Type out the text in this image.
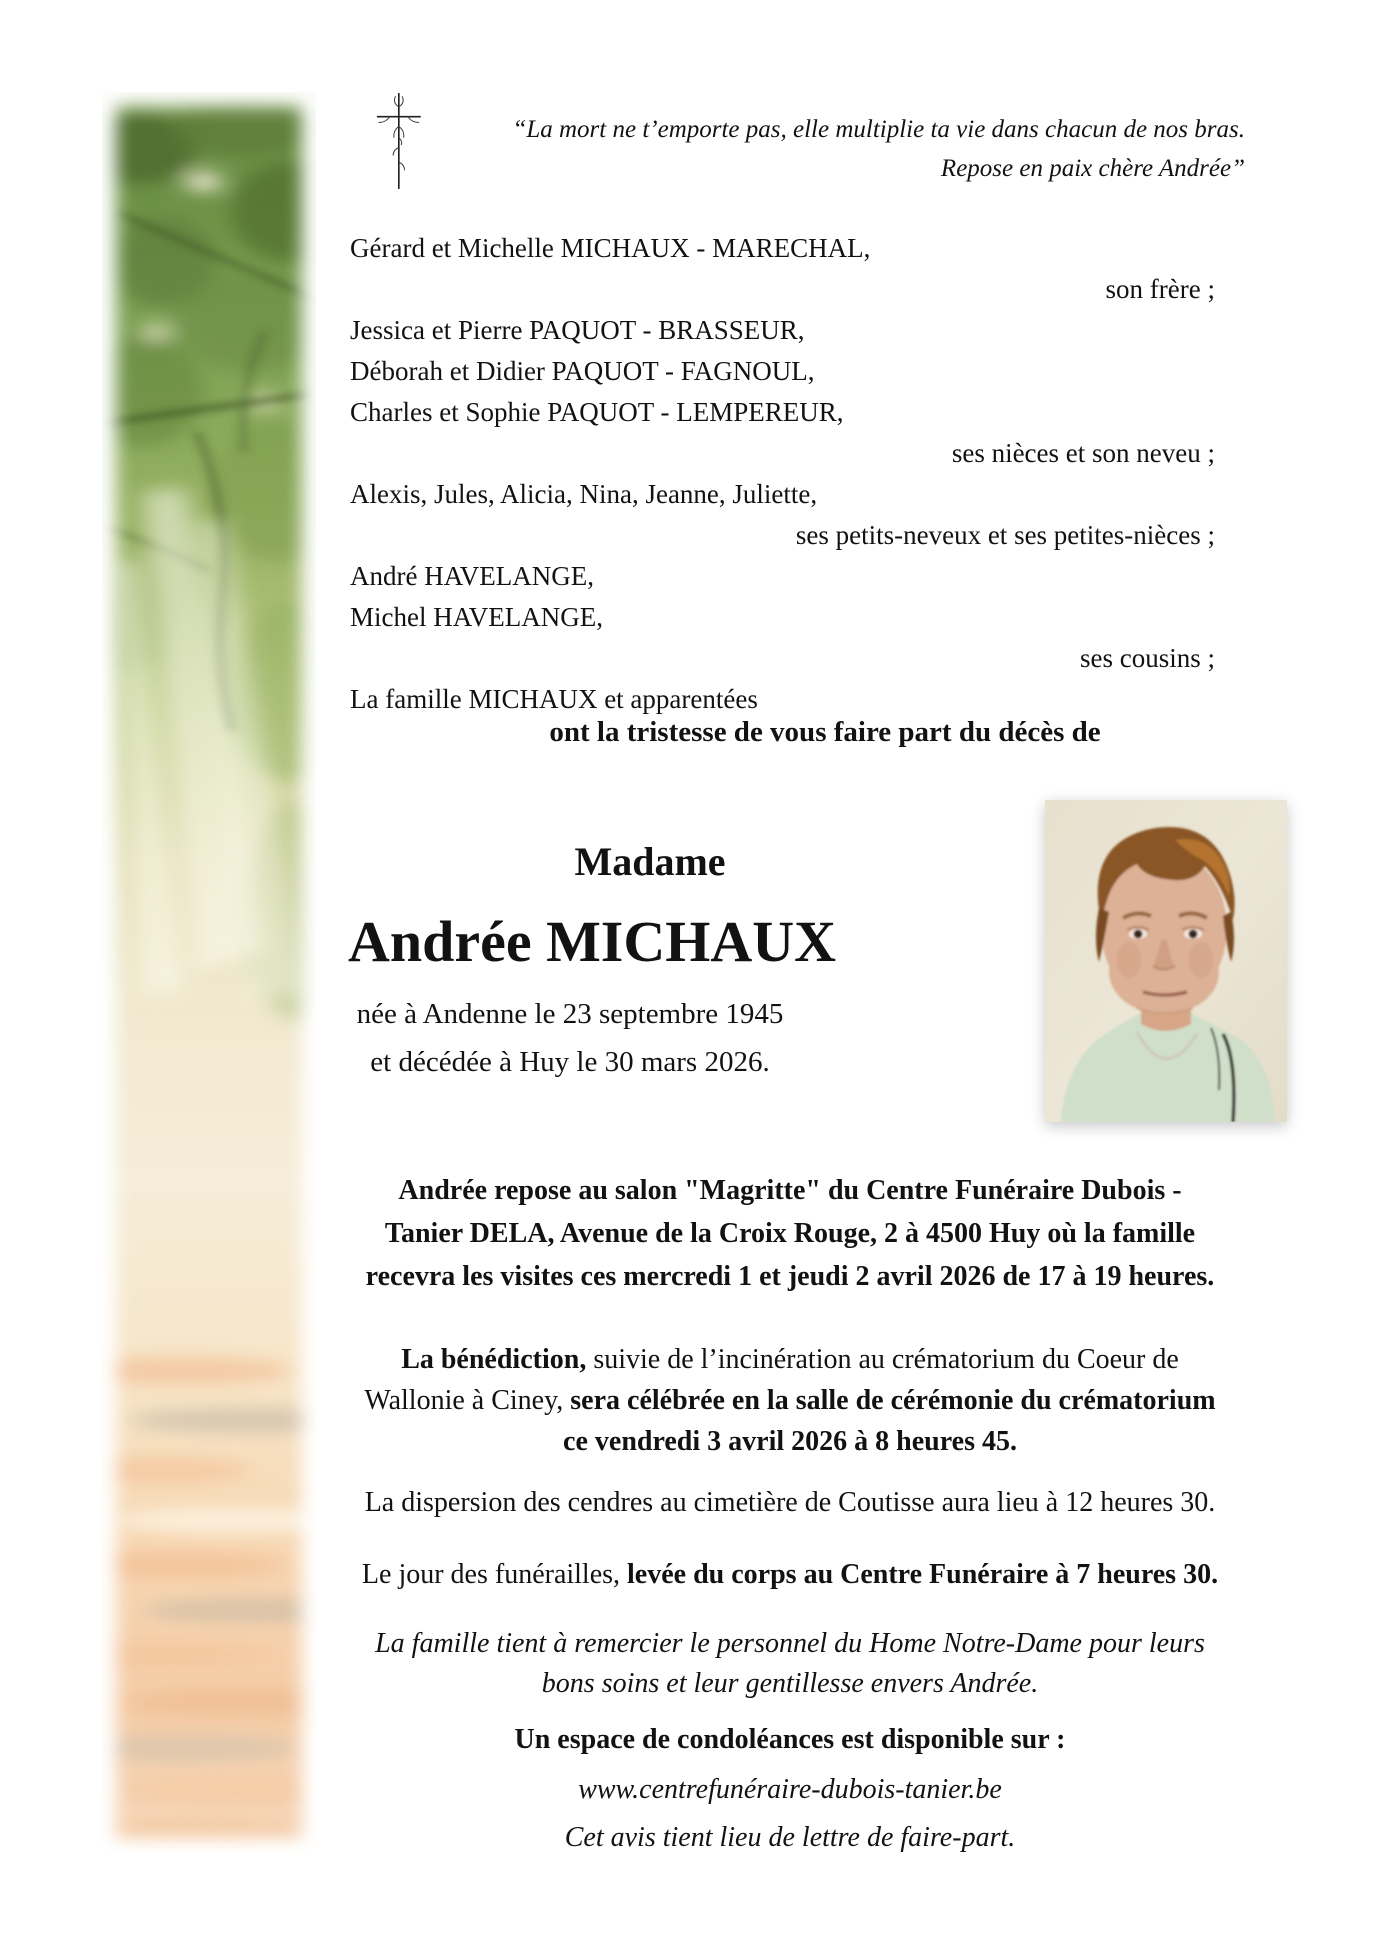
“La mort ne t’emporte pas, elle multiplie ta vie dans chacun de nos bras.
Repose en paix chère Andrée”
Gérard et Michelle MICHAUX - MARECHAL,
son frère ;
Jessica et Pierre PAQUOT - BRASSEUR,
Déborah et Didier PAQUOT - FAGNOUL,
Charles et Sophie PAQUOT - LEMPEREUR,
ses nièces et son neveu ;
Alexis, Jules, Alicia, Nina, Jeanne, Juliette,
ses petits-neveux et ses petites-nièces ;
André HAVELANGE,
Michel HAVELANGE,
ses cousins ;
La famille MICHAUX et apparentées
ont la tristesse de vous faire part du décès de
Madame
Andrée MICHAUX
née à Andenne le 23 septembre 1945
et décédée à Huy le 30 mars 2026.
Andrée repose au salon "Magritte" du Centre Funéraire Dubois -
Tanier DELA, Avenue de la Croix Rouge, 2 à 4500 Huy où la famille
recevra les visites ces mercredi 1 et jeudi 2 avril 2026 de 17 à 19 heures.
La bénédiction, suivie de l’incinération au crématorium du Coeur de
Wallonie à Ciney, sera célébrée en la salle de cérémonie du crématorium
ce vendredi 3 avril 2026 à 8 heures 45.
La dispersion des cendres au cimetière de Coutisse aura lieu à 12 heures 30.
Le jour des funérailles, levée du corps au Centre Funéraire à 7 heures 30.
La famille tient à remercier le personnel du Home Notre-Dame pour leurs
bons soins et leur gentillesse envers Andrée.
Un espace de condoléances est disponible sur :
www.centrefunéraire-dubois-tanier.be
Cet avis tient lieu de lettre de faire-part.
